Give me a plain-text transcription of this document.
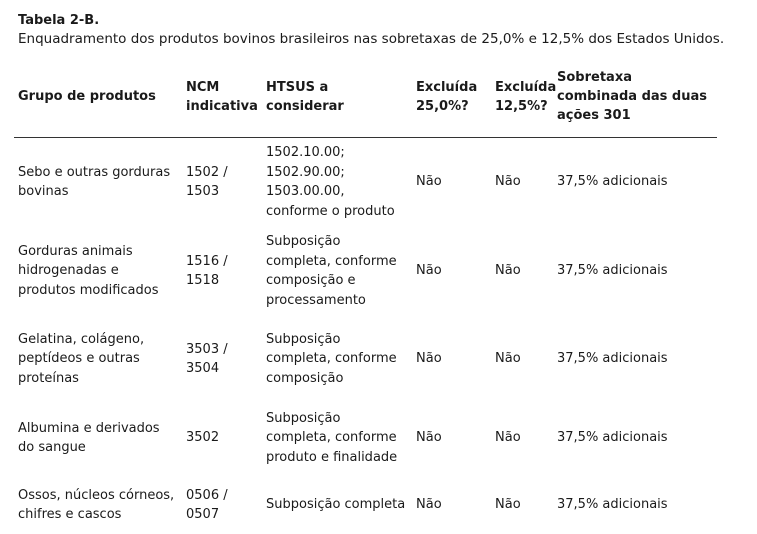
Tabela 2-B.
Enquadramento dos produtos bovinos brasileiros nas sobretaxas de 25,0% e 12,5% dos Estados Unidos.
Grupo de produtos	NCM indicativa	HTSUS a considerar	Excluída 25,0%?	Excluída 12,5%?	Sobretaxa combinada das duas ações 301
Sebo e outras gorduras bovinas	1502 / 1503	1502.10.00; 1502.90.00; 1503.00.00, conforme o produto	Não	Não	37,5% adicionais
Gorduras animais hidrogenadas e produtos modificados	1516 / 1518	Subposição completa, conforme composição e processamento	Não	Não	37,5% adicionais
Gelatina, colágeno, peptídeos e outras proteínas	3503 / 3504	Subposição completa, conforme composição	Não	Não	37,5% adicionais
Albumina e derivados do sangue	3502	Subposição completa, conforme produto e finalidade	Não	Não	37,5% adicionais
Ossos, núcleos córneos, chifres e cascos	0506 / 0507	Subposição completa	Não	Não	37,5% adicionais
